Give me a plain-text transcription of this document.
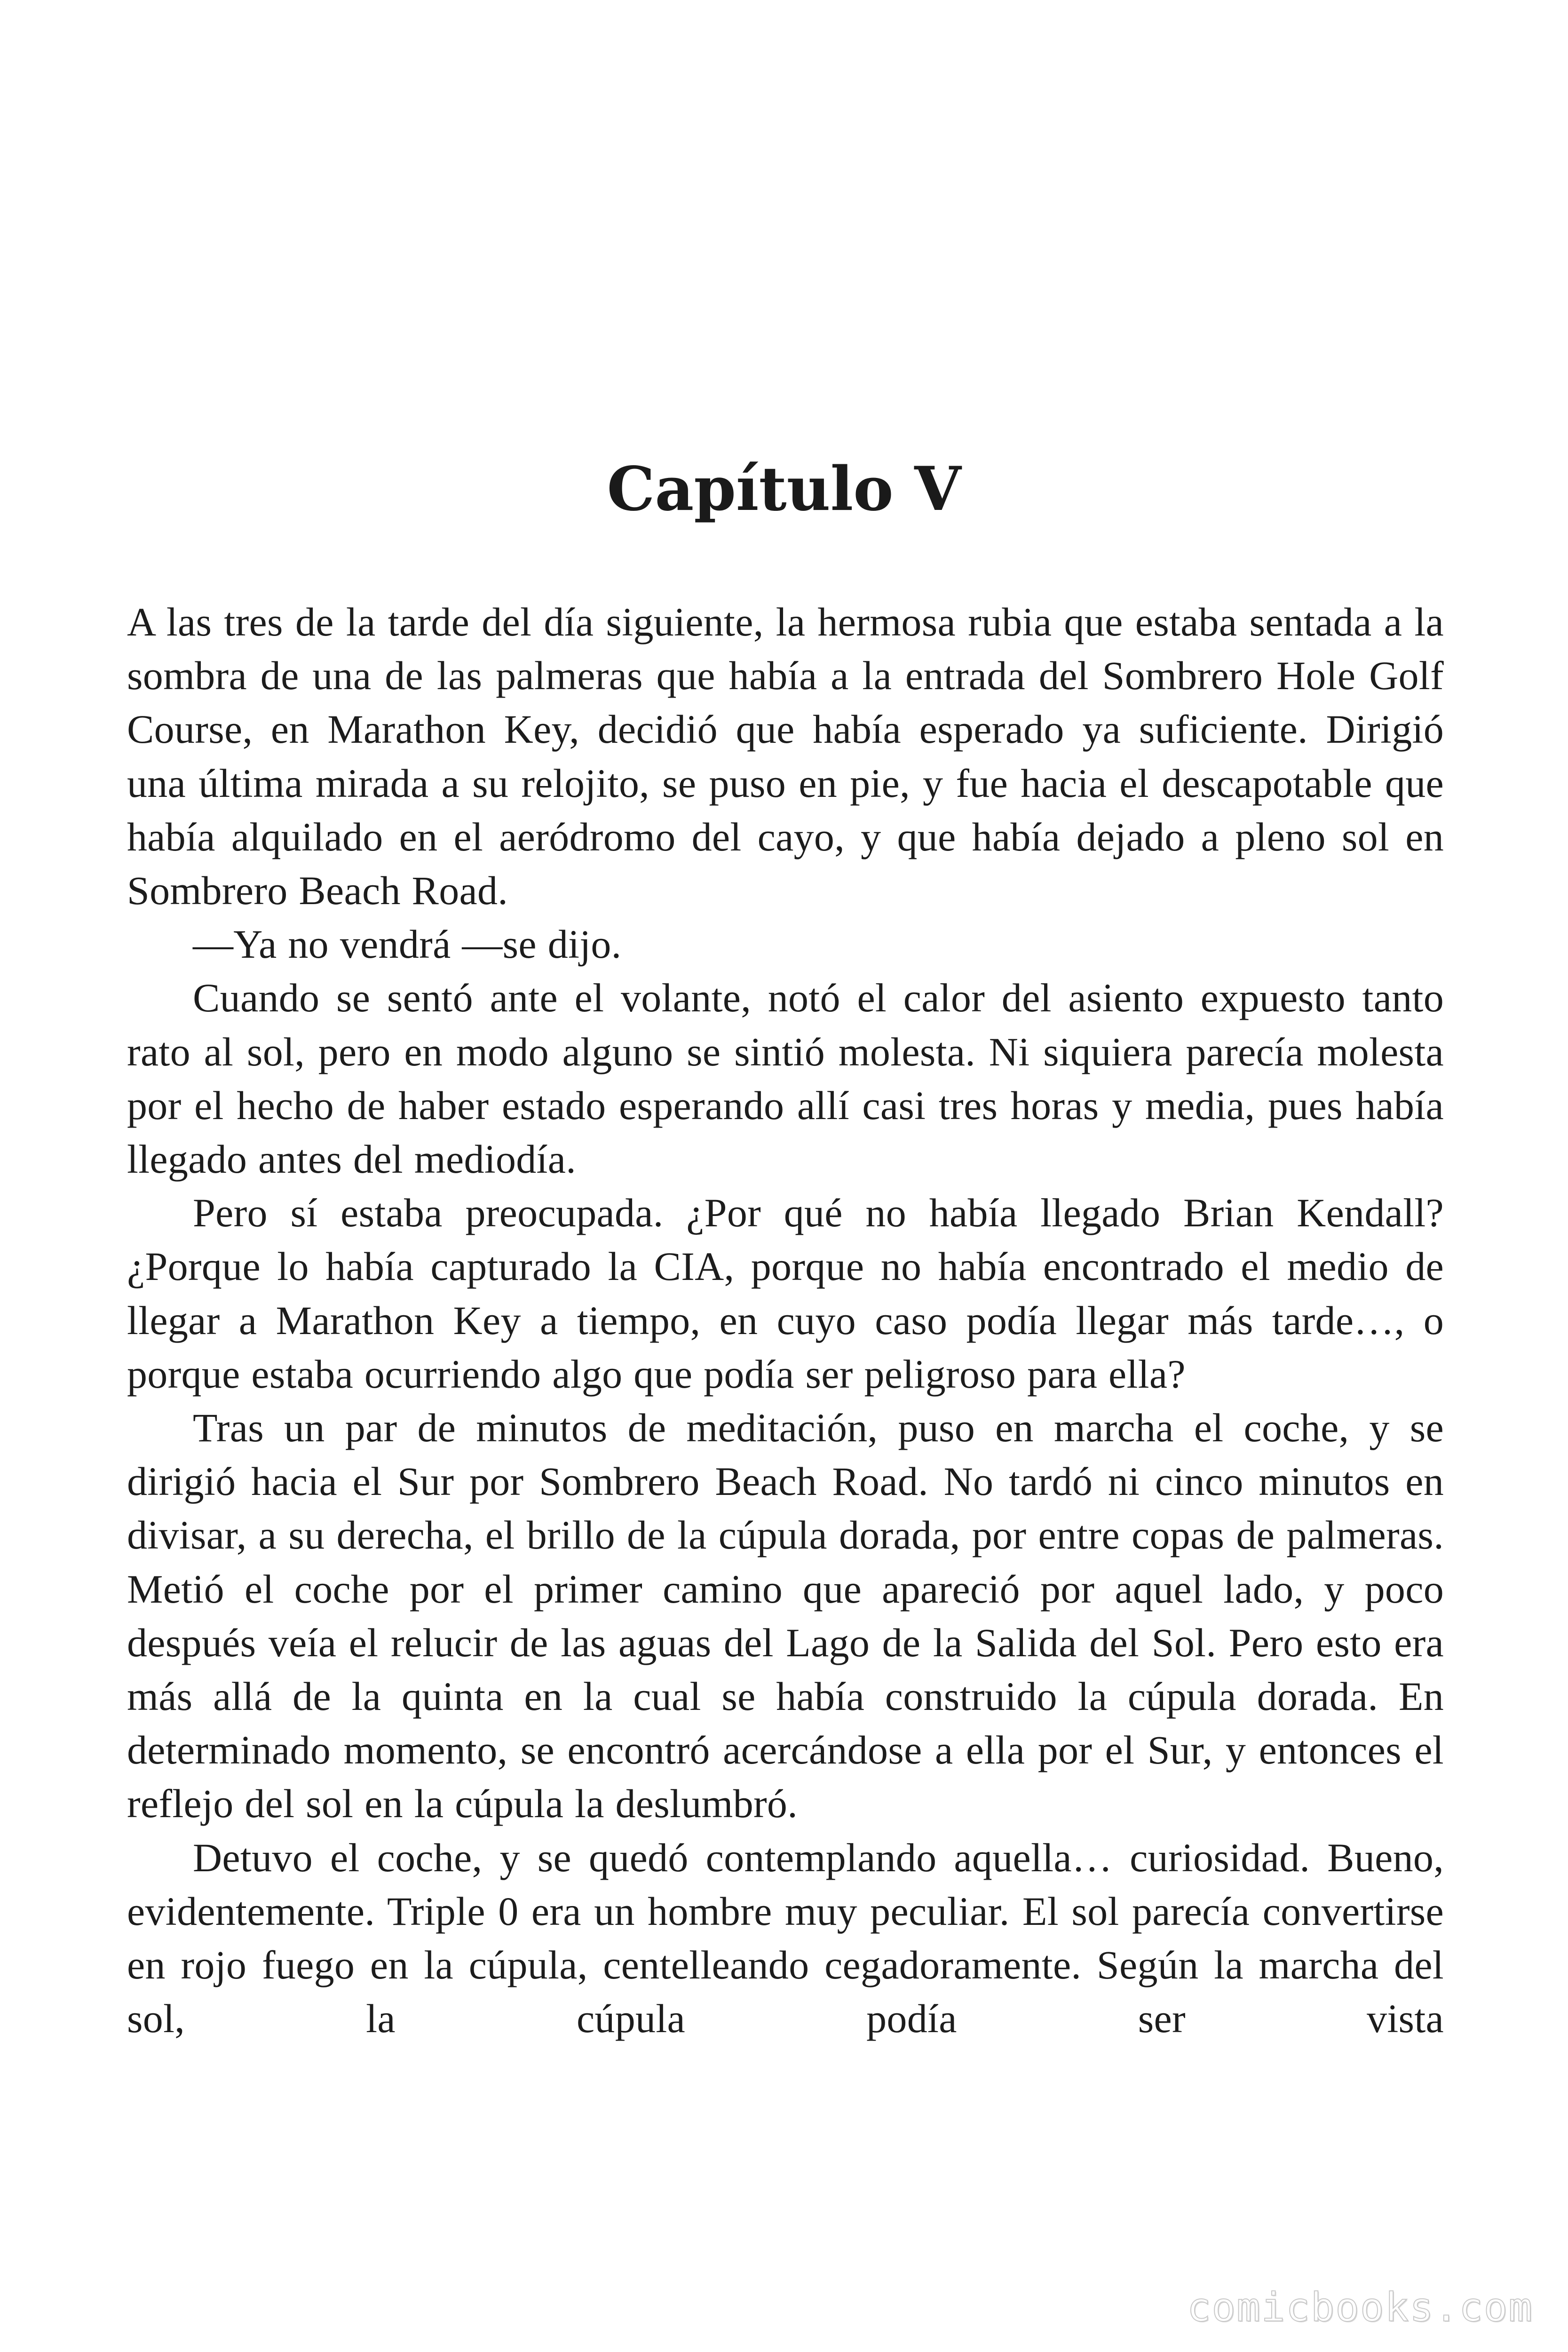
Capítulo V

A las tres de la tarde del día siguiente, la hermosa rubia que estaba sentada a la sombra de una de las palmeras que había a la entrada del Sombrero Hole Golf Course, en Marathon Key, decidió que había esperado ya suficiente. Dirigió una última mirada a su relojito, se puso en pie, y fue hacia el descapotable que había alquilado en el aeródromo del cayo, y que había dejado a pleno sol en Sombrero Beach Road.

—Ya no vendrá —se dijo.

Cuando se sentó ante el volante, notó el calor del asiento expuesto tanto rato al sol, pero en modo alguno se sintió molesta. Ni siquiera parecía molesta por el hecho de haber estado esperando allí casi tres horas y media, pues había llegado antes del mediodía.

Pero sí estaba preocupada. ¿Por qué no había llegado Brian Kendall? ¿Porque lo había capturado la CIA, porque no había encontrado el medio de llegar a Marathon Key a tiempo, en cuyo caso podía llegar más tarde…, o porque estaba ocurriendo algo que podía ser peligroso para ella?

Tras un par de minutos de meditación, puso en marcha el coche, y se dirigió hacia el Sur por Sombrero Beach Road. No tardó ni cinco minutos en divisar, a su derecha, el brillo de la cúpula dorada, por entre copas de palmeras. Metió el coche por el primer camino que apareció por aquel lado, y poco después veía el relucir de las aguas del Lago de la Salida del Sol. Pero esto era más allá de la quinta en la cual se había construido la cúpula dorada. En determinado momento, se encontró acercándose a ella por el Sur, y entonces el reflejo del sol en la cúpula la deslumbró.

Detuvo el coche, y se quedó contemplando aquella… curiosidad. Bueno, evidentemente. Triple 0 era un hombre muy peculiar. El sol parecía convertirse en rojo fuego en la cúpula, centelleando cegadoramente. Según la marcha del sol, la cúpula podía ser vista

comicbooks.com
